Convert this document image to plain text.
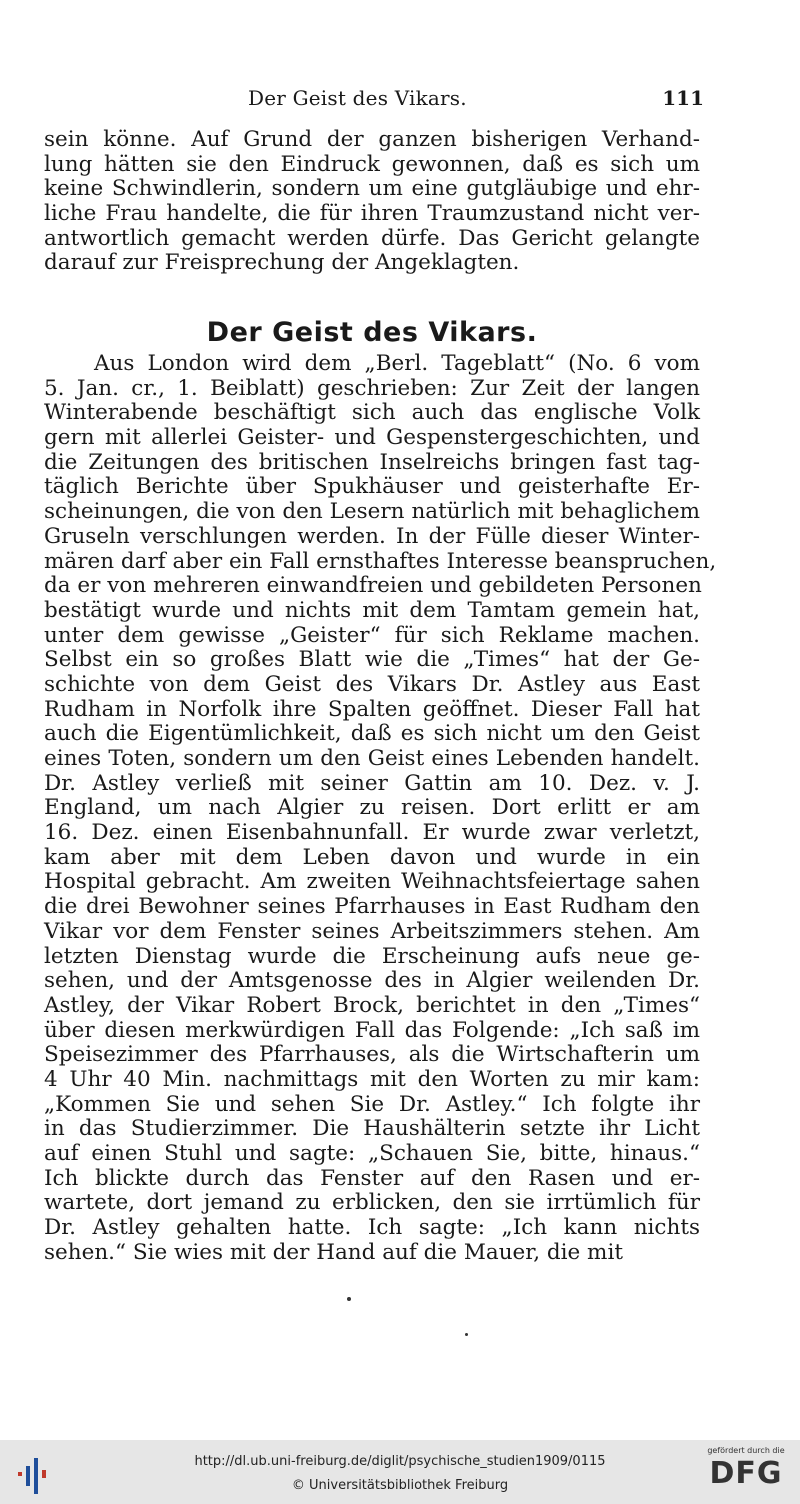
Der Geist des Vikars.	111
sein könne. Auf Grund der ganzen bisherigen Verhand-
lung hätten sie den Eindruck gewonnen, daß es sich um
keine Schwindlerin, sondern um eine gutgläubige und ehr-
liche Frau handelte, die für ihren Traumzustand nicht ver-
antwortlich gemacht werden dürfe. Das Gericht gelangte
darauf zur Freisprechung der Angeklagten.
Der Geist des Vikars.
Aus London wird dem „Berl. Tageblatt“ (No. 6 vom
5. Jan. cr., 1. Beiblatt) geschrieben: Zur Zeit der langen
Winterabende beschäftigt sich auch das englische Volk
gern mit allerlei Geister- und Gespenstergeschichten, und
die Zeitungen des britischen Inselreichs bringen fast tag-
täglich Berichte über Spukhäuser und geisterhafte Er-
scheinungen, die von den Lesern natürlich mit behaglichem
Gruseln verschlungen werden. In der Fülle dieser Winter-
mären darf aber ein Fall ernsthaftes Interesse beanspruchen,
da er von mehreren einwandfreien und gebildeten Personen
bestätigt wurde und nichts mit dem Tamtam gemein hat,
unter dem gewisse „Geister“ für sich Reklame machen.
Selbst ein so großes Blatt wie die „Times“ hat der Ge-
schichte von dem Geist des Vikars Dr. Astley aus East
Rudham in Norfolk ihre Spalten geöffnet. Dieser Fall hat
auch die Eigentümlichkeit, daß es sich nicht um den Geist
eines Toten, sondern um den Geist eines Lebenden handelt.
Dr. Astley verließ mit seiner Gattin am 10. Dez. v. J.
England, um nach Algier zu reisen. Dort erlitt er am
16. Dez. einen Eisenbahnunfall. Er wurde zwar verletzt,
kam aber mit dem Leben davon und wurde in ein
Hospital gebracht. Am zweiten Weihnachtsfeiertage sahen
die drei Bewohner seines Pfarrhauses in East Rudham den
Vikar vor dem Fenster seines Arbeitszimmers stehen. Am
letzten Dienstag wurde die Erscheinung aufs neue ge-
sehen, und der Amtsgenosse des in Algier weilenden Dr.
Astley, der Vikar Robert Brock, berichtet in den „Times“
über diesen merkwürdigen Fall das Folgende: „Ich saß im
Speisezimmer des Pfarrhauses, als die Wirtschafterin um
4 Uhr 40 Min. nachmittags mit den Worten zu mir kam:
„Kommen Sie und sehen Sie Dr. Astley.“ Ich folgte ihr
in das Studierzimmer. Die Haushälterin setzte ihr Licht
auf einen Stuhl und sagte: „Schauen Sie, bitte, hinaus.“
Ich blickte durch das Fenster auf den Rasen und er-
wartete, dort jemand zu erblicken, den sie irrtümlich für
Dr. Astley gehalten hatte. Ich sagte: „Ich kann nichts
sehen.“ Sie wies mit der Hand auf die Mauer, die mit
http://dl.ub.uni-freiburg.de/diglit/psychische_studien1909/0115
© Universitätsbibliothek Freiburg
gefördert durch die
DFG
